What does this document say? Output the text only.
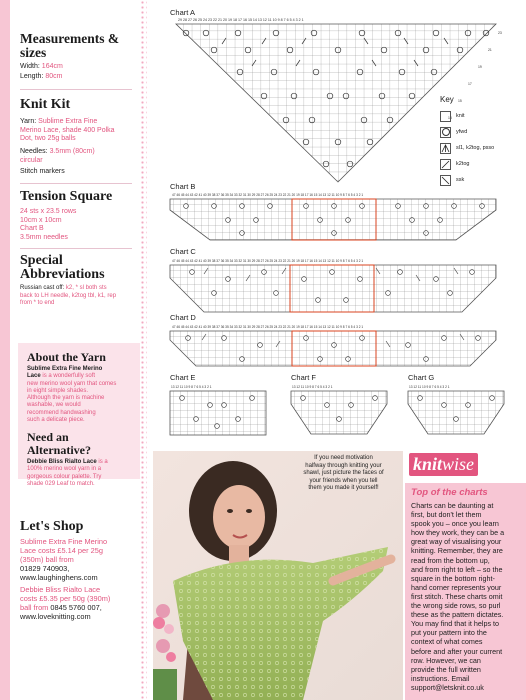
Measurements & sizes
Width: 164cm
Length: 80cm
Knit Kit
Yarn: Sublime Extra Fine
Merino Lace, shade 400 Polka
Dot, two 25g balls
Needles: 3.5mm (80cm)
circular
Stitch markers
Tension Square
24 sts x 23.5 rows
10cm x 10cm
Chart B
3.5mm needles
Special
Abbreviations
Russian cast off: k2, * sl both sts
back to LH needle, k2tog tbl, k1, rep
from * to end
About the Yarn
Sublime Extra Fine Merino
Lace is a wonderfully soft
new merino wool yarn that comes
in eight simple shades.
Although the yarn is machine
washable, we would
recommend handwashing
such a delicate piece.
Need an
Alternative?
Debbie Bliss Rialto Lace is a
100% merino wool yarn in a
gorgeous colour palette. Try
shade 029 Leaf to match.
Let's Shop
Sublime Extra Fine Merino
Lace costs £5.14 per 25g
(350m) ball from
01829 740903,
www.laughinghens.com
Debbie Bliss Rialto Lace
costs £5.35 per 50g (390m)
ball from 0845 5760 007,
www.loveknitting.com
Chart A
29 28 27 26 25 24 23 22 21 20 19 18 17 16 15 14 13 12 11 10 9 8 7 6 5 4 3 2 1
23
21
19
17
15
13
Key
knit
yfwd
sl1, k2tog, psso
k2tog
ssk
Chart B
47 46 45 44 43 42 41 40 39 38 37 36 35 34 33 32 31 30 29 28 27 26 25 24 23 22 21 20 19 18 17 16 15 14 13 12 11 10 9 8 7 6 5 4 3 2 1
Chart C
47 46 45 44 43 42 41 40 39 38 37 36 35 34 33 32 31 30 29 28 27 26 25 24 23 22 21 20 19 18 17 16 15 14 13 12 11 10 9 8 7 6 5 4 3 2 1
Chart D
47 46 45 44 43 42 41 40 39 38 37 36 35 34 33 32 31 30 29 28 27 26 25 24 23 22 21 20 19 18 17 16 15 14 13 12 11 10 9 8 7 6 5 4 3 2 1
Chart E
13 12 11 10 9 8 7 6 5 4 3 2 1
Chart F
13 12 11 10 9 8 7 6 5 4 3 2 1
Chart G
13 12 11 10 9 8 7 6 5 4 3 2 1
If you need motivation
halfway through knitting your
shawl, just picture the faces of
your friends when you tell
them you made it yourself!
knitwise
Top of the charts
Charts can be daunting at
first, but don't let them
spook you – once you learn
how they work, they can be a
great way of visualising your
knitting. Remember, they are
read from the bottom up,
and from right to left – so the
square in the bottom right-
hand corner represents your
first stitch. These charts omit
the wrong side rows, so purl
these as the pattern dictates.
You may find that it helps to
put your pattern into the
context of what comes
before and after your current
row. However, we can
provide the full written
instructions. Email
support@letsknit.co.uk
